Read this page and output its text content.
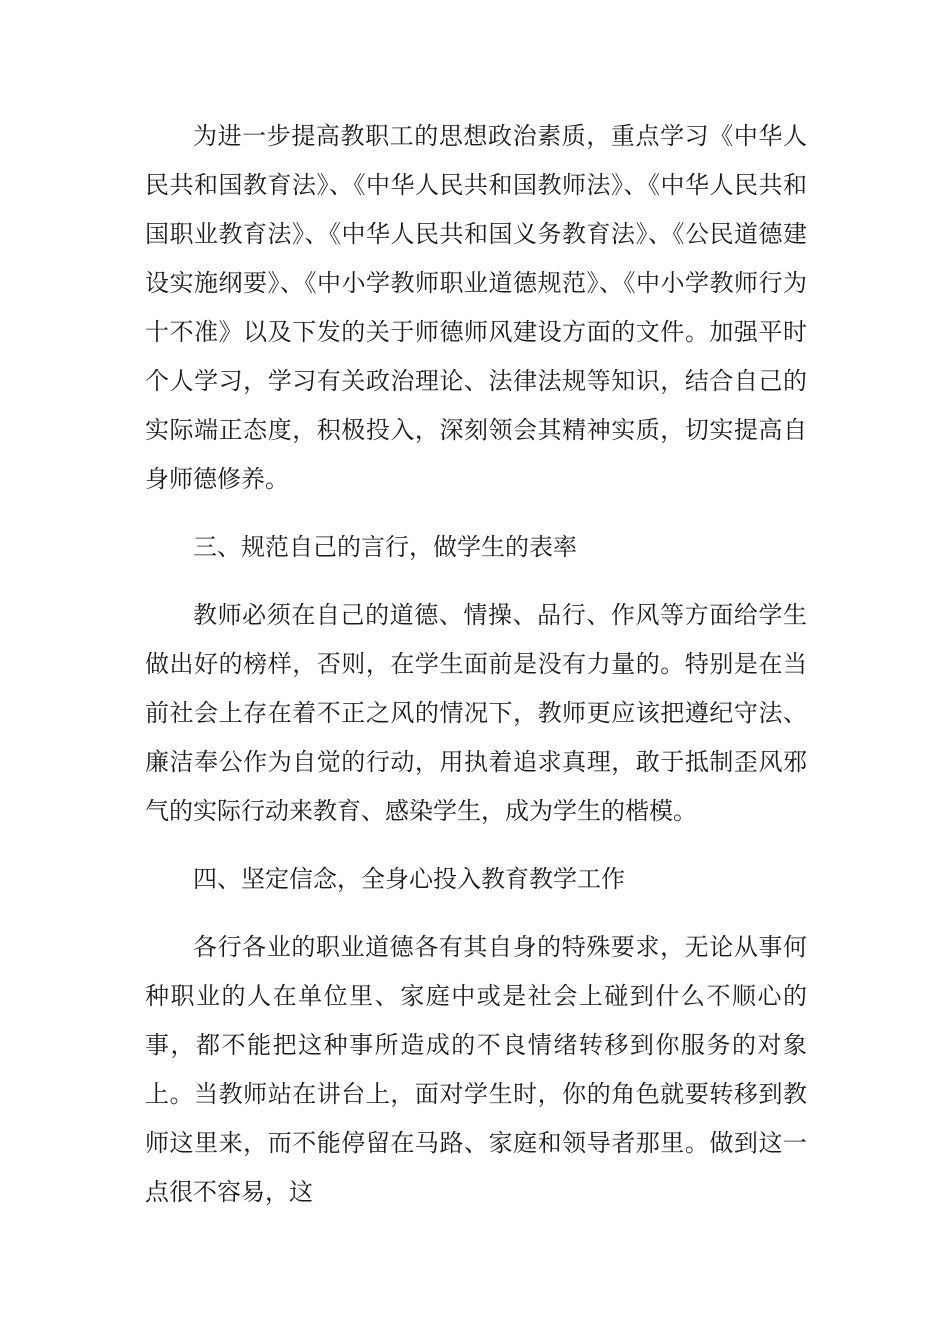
为进一步提高教职工的思想政治素质，重点学习《中华人民共和国教育法》、《中华人民共和国教师法》、《中华人民共和国职业教育法》、《中华人民共和国义务教育法》、《公民道德建设实施纲要》、《中小学教师职业道德规范》、《中小学教师行为十不准》以及下发的关于师德师风建设方面的文件。加强平时个人学习，学习有关政治理论、法律法规等知识，结合自己的实际端正态度，积极投入，深刻领会其精神实质，切实提高自身师德修养。

三、规范自己的言行，做学生的表率

教师必须在自己的道德、情操、品行、作风等方面给学生做出好的榜样，否则，在学生面前是没有力量的。特别是在当前社会上存在着不正之风的情况下，教师更应该把遵纪守法、廉洁奉公作为自觉的行动，用执着追求真理，敢于抵制歪风邪气的实际行动来教育、感染学生，成为学生的楷模。

四、坚定信念，全身心投入教育教学工作

各行各业的职业道德各有其自身的特殊要求，无论从事何种职业的人在单位里、家庭中或是社会上碰到什么不顺心的事，都不能把这种事所造成的不良情绪转移到你服务的对象上。当教师站在讲台上，面对学生时，你的角色就要转移到教师这里来，而不能停留在马路、家庭和领导者那里。做到这一点很不容易，这
